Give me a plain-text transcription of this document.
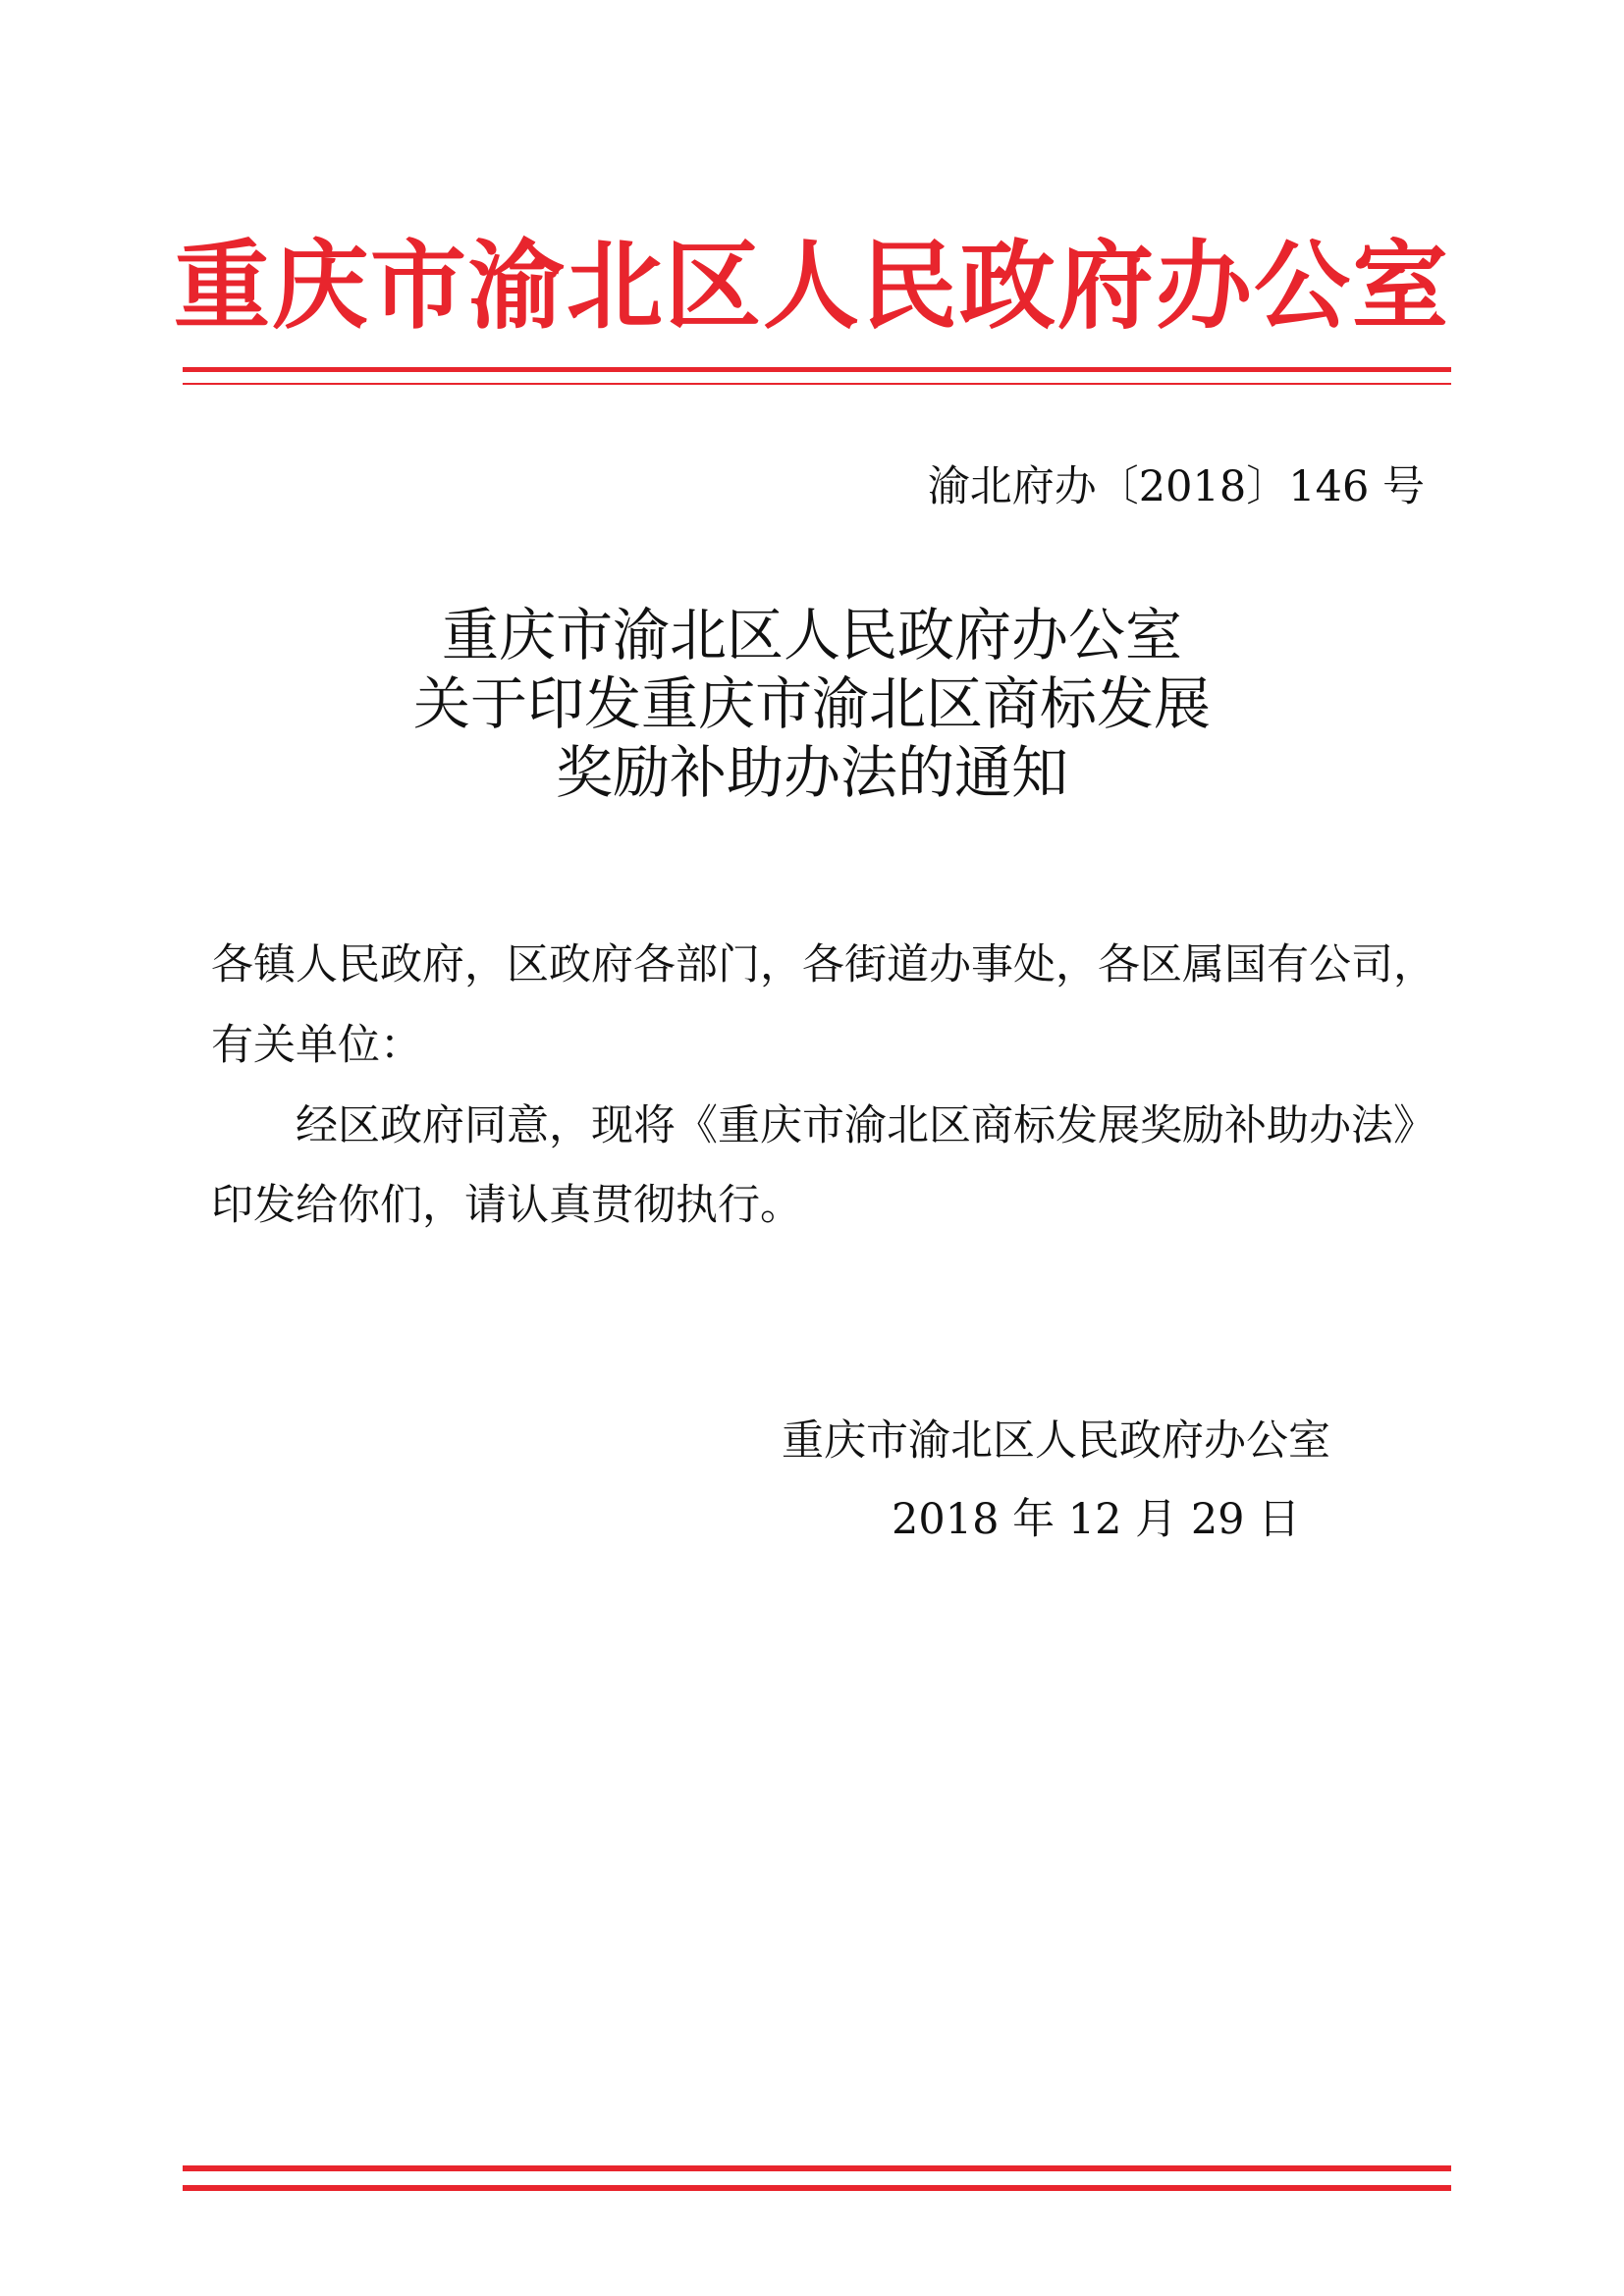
重庆市渝北区人民政府办公室
渝北府办〔2018〕146 号
重庆市渝北区人民政府办公室
关于印发重庆市渝北区商标发展
奖励补助办法的通知
各镇人民政府，区政府各部门，各街道办事处，各区属国有公司，
有关单位：
经区政府同意，现将《重庆市渝北区商标发展奖励补助办法》
印发给你们，请认真贯彻执行。
重庆市渝北区人民政府办公室
2018 年 12 月 29 日
